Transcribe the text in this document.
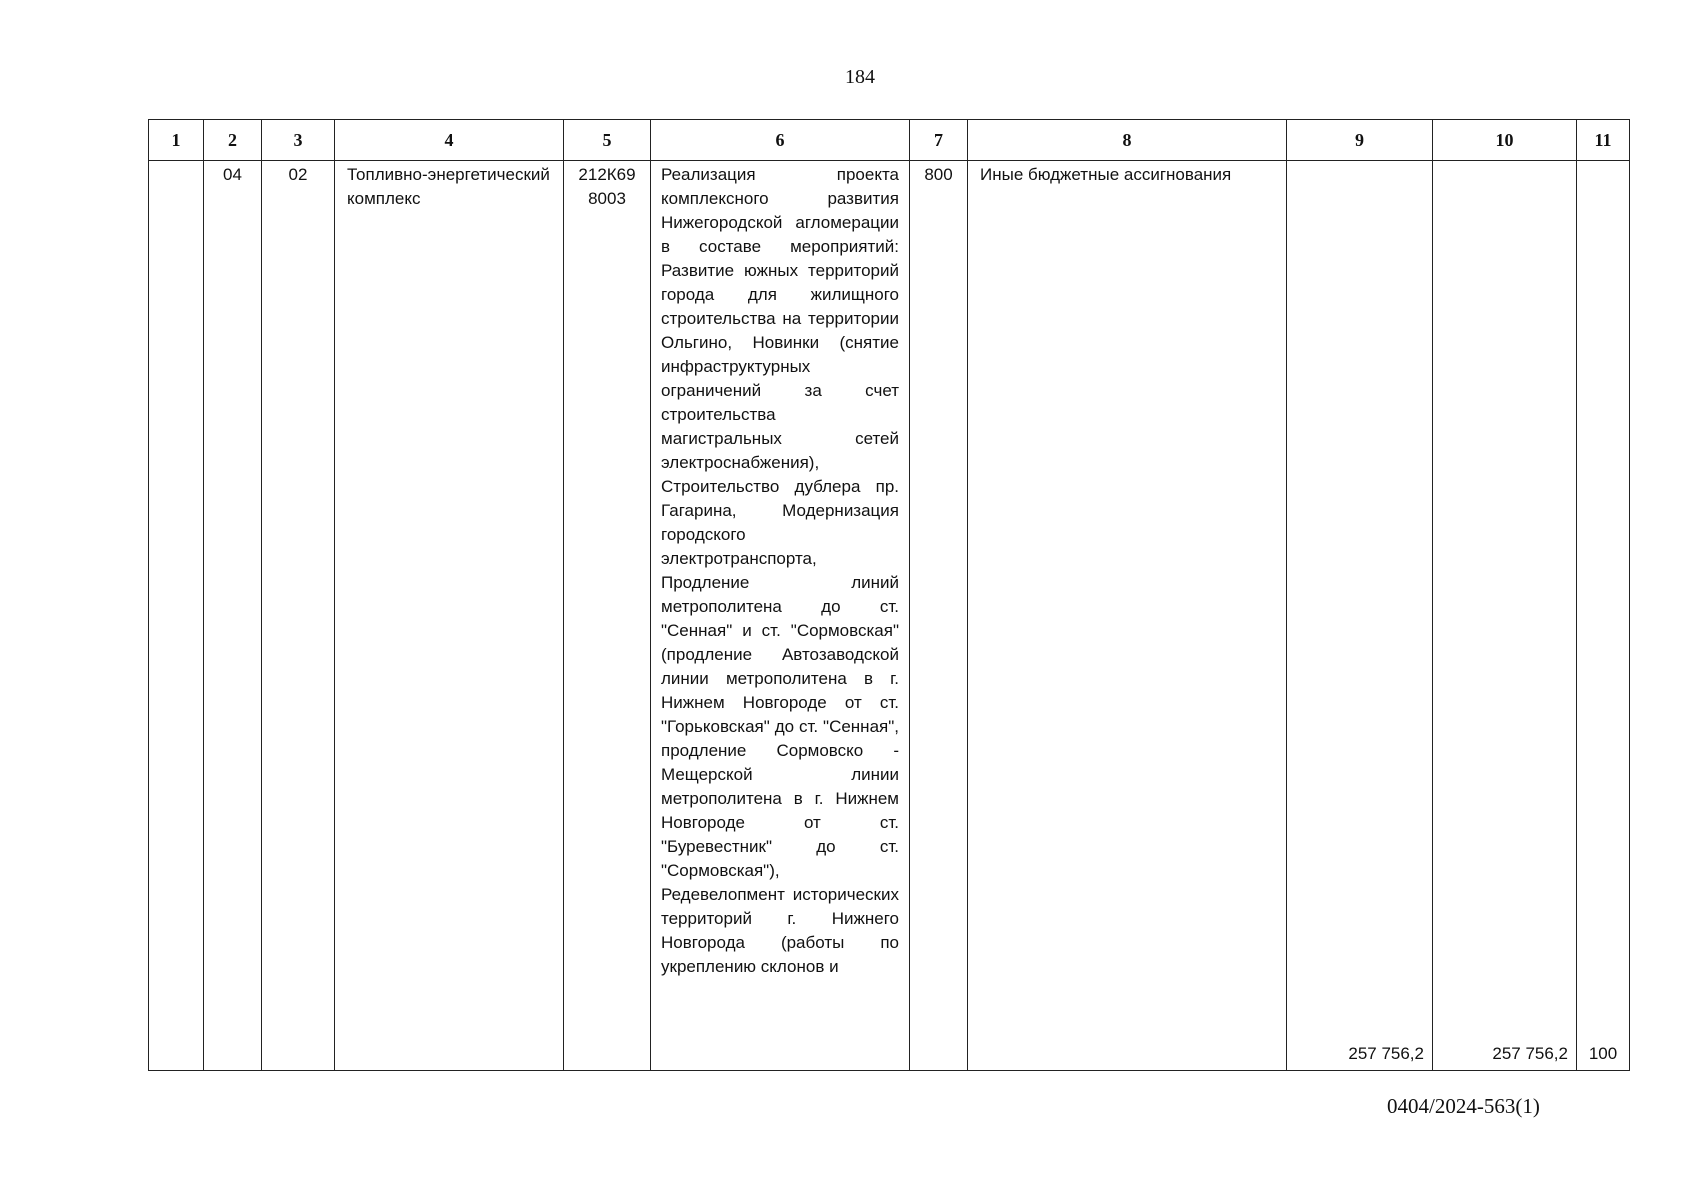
184
1	2	3	4	5	6	7	8	9	10	11
	04	02	Топливно-энергетический комплекс	212К69 8003	Реализация проекта комплексного развития Нижегородской агломерации в составе мероприятий: Развитие южных территорий города для жилищного строительства на территории Ольгино, Новинки (снятие инфраструктурных ограничений за счет строительства магистральных сетей электроснабжения), Строительство дублера пр. Гагарина, Модернизация городского электротранспорта, Продление линий метрополитена до ст. "Сенная" и ст. "Сормовская" (продление Автозаводской линии метрополитена в г. Нижнем Новгороде от ст. "Горьковская" до ст. "Сенная", продление Сормовско - Мещерской линии метрополитена в г. Нижнем Новгороде от ст. "Буревестник" до ст. "Сормовская"), Редевелопмент исторических территорий г. Нижнего Новгорода (работы по укреплению склонов и	800	Иные бюджетные ассигнования	257 756,2	257 756,2	100
0404/2024-563(1)
